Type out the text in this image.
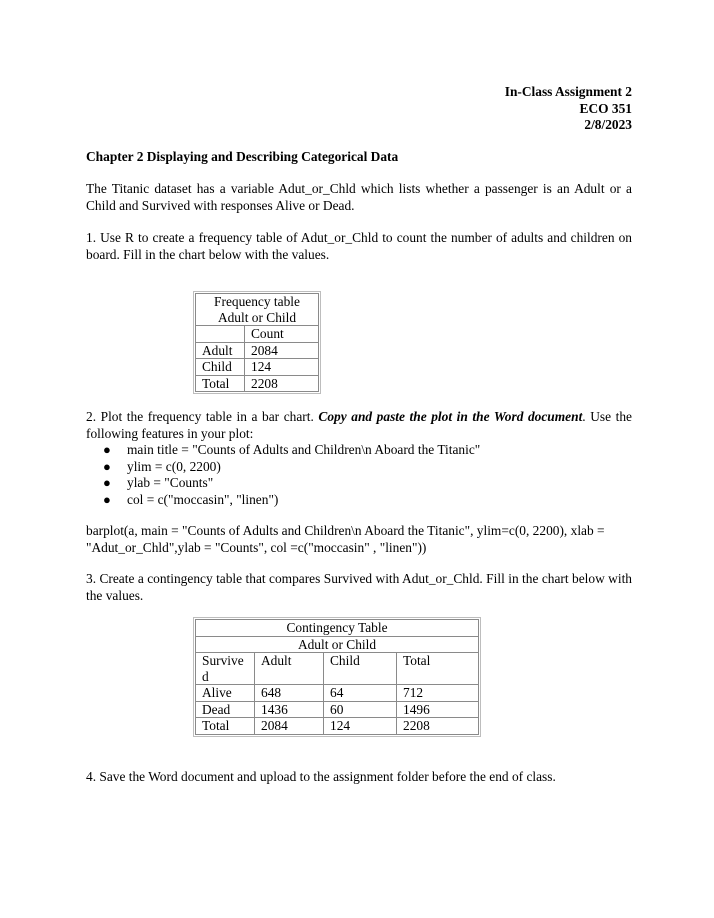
In-Class Assignment 2
ECO 351
2/8/2023
Chapter 2 Displaying and Describing Categorical Data
The Titanic dataset has a variable Adut_or_Chld which lists whether a passenger is an Adult or a Child and Survived with responses Alive or Dead.
1. Use R to create a frequency table of Adut_or_Chld to count the number of adults and children on board. Fill in the chart below with the values.
Frequency table
Adult or Child	

	Count
Adult	2084
Child	124
Total	2208
2. Plot the frequency table in a bar chart. Copy and paste the plot in the Word document. Use the following features in your plot:
● main title = "Counts of Adults and Children\n Aboard the Titanic"
● ylim = c(0, 2200)
● ylab = "Counts"
● col = c("moccasin", "linen")
barplot(a, main = "Counts of Adults and Children\n Aboard the Titanic", ylim=c(0, 2200), xlab = "Adut_or_Chld",ylab = "Counts", col =c("moccasin" , "linen"))
3. Create a contingency table that compares Survived with Adut_or_Chld. Fill in the chart below with the values.
Contingency Table			
Adult or Child			
Survive
d	Adult	Child	Total
Alive	648	64	712
Dead	1436	60	1496
Total	2084	124	2208
4. Save the Word document and upload to the assignment folder before the end of class.
